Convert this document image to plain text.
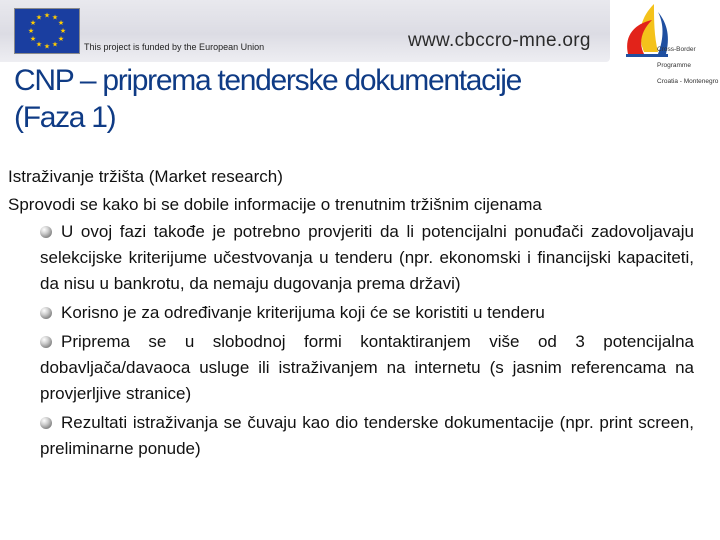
★ ★
★
★
★
★
★
★
★
★
★
★
This project is funded by the European Union	www.cbccro-mne.org	Cross-Border

Programme

Croatia - Montenegro

CNP – priprema tenderske dokumentacije
(Faza 1)
Istraživanje tržišta (Market research)
Sprovodi se kako bi se dobile informacije o trenutnim tržišnim cijenama
U ovoj fazi takođe je potrebno provjeriti da li potencijalni ponuđači zadovoljavaju selekcijske kriterijume učestvovanja u tenderu (npr. ekonomski i financijski kapaciteti, da nisu u bankrotu, da nemaju dugovanja prema državi)
Korisno je za određivanje kriterijuma koji će se koristiti u tenderu
Priprema se u slobodnoj formi kontaktiranjem više od 3 potencijalna dobavljača/davaoca usluge ili istraživanjem na internetu (s jasnim referencama na provjerljive stranice)
Rezultati istraživanja se čuvaju kao dio tenderske dokumentacije (npr. print screen, preliminarne ponude)
